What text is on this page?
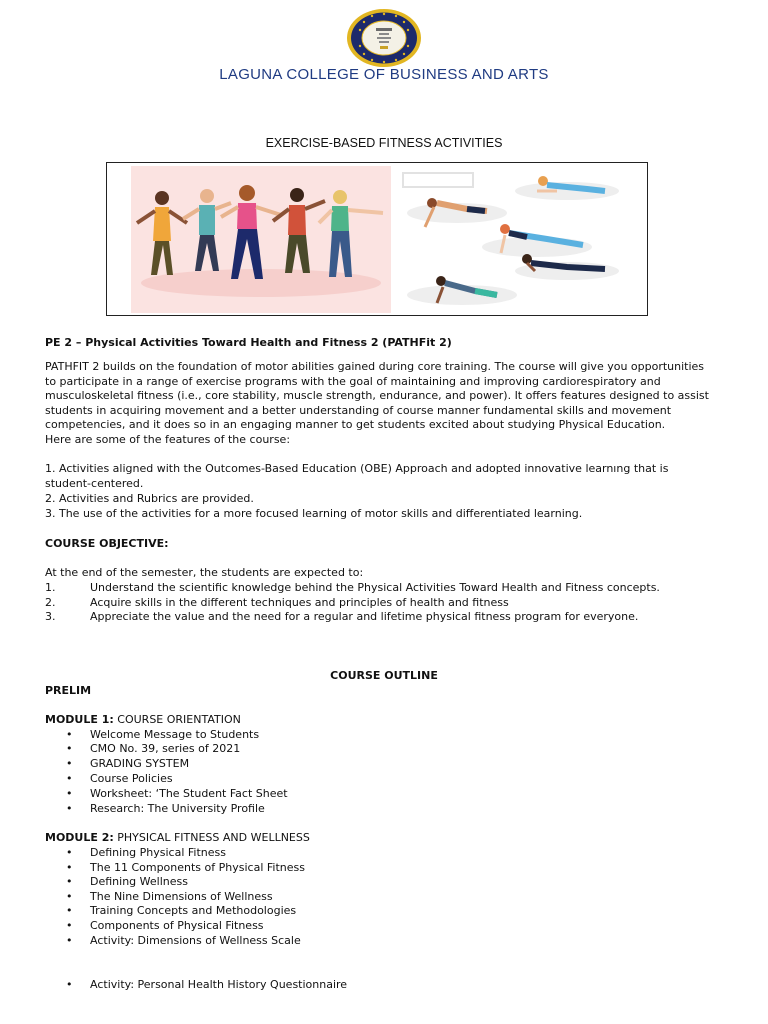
LAGUNA COLLEGE OF BUSINESS AND ARTS
EXERCISE-BASED FITNESS ACTIVITIES
PE 2 – Physical Activities Toward Health and Fitness 2 (PATHFit 2)
PATHFIT 2 builds on the foundation of motor abilities gained during core training. The course will give you opportunities
to participate in a range of exercise programs with the goal of maintaining and improving cardiorespiratory and
musculoskeletal fitness (i.e., core stability, muscle strength, endurance, and power). It offers features designed to assist
students in acquiring movement and a better understanding of course manner fundamental skills and movement
competencies, and it does so in an engaging manner to get students excited about studying Physical Education.
Here are some of the features of the course:
1. Activities aligned with the Outcomes-Based Education (OBE) Approach and adopted innovative learnıng that is
student-centered.
2. Activities and Rubrics are provided.
3. The use of the activities for a more focused learning of motor skills and differentiated learning.
COURSE OBJECTIVE:
At the end of the semester, the students are expected to:
1.	Understand the scientific knowledge behind the Physical Activities Toward Health and Fitness concepts.
2.	Acquire skills in the different techniques and principles of health and fitness
3.	Appreciate the value and the need for a regular and lifetime physical fitness program for everyone.
COURSE OUTLINE
PRELIM
MODULE 1: COURSE ORIENTATION
• Welcome Message to Students
• CMO No. 39, series of 2021
• GRADING SYSTEM
• Course Policies
• Worksheet: ‘The Student Fact Sheet
• Research: The University Profile
MODULE 2: PHYSICAL FITNESS AND WELLNESS
• Defining Physical Fitness
• The 11 Components of Physical Fitness
• Defining Wellness
• The Nine Dimensions of Wellness
• Training Concepts and Methodologies
• Components of Physical Fitness
• Activity: Dimensions of Wellness Scale
• Activity: Personal Health History Questionnaire
